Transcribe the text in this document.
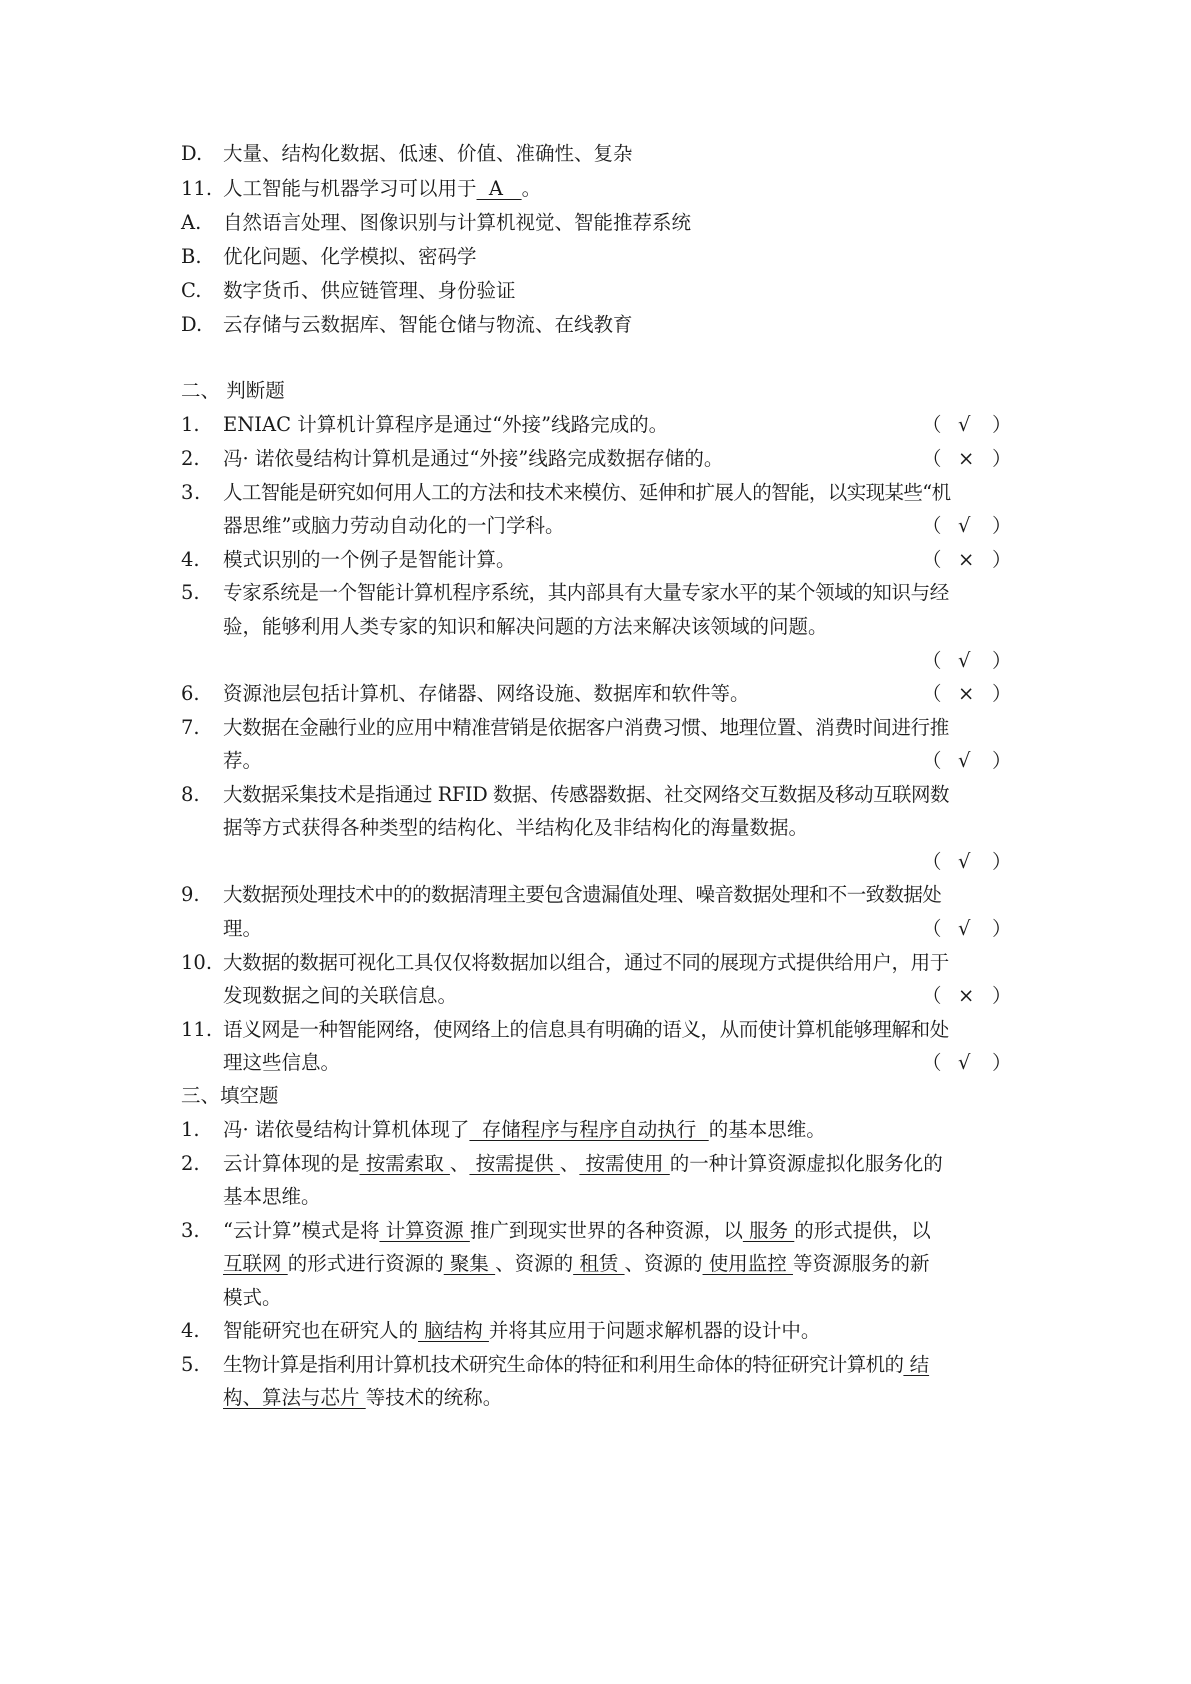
D. 大量、结构化数据、低速、价值、准确性、复杂
11. 人工智能与机器学习可以用于  A   。
A. 自然语言处理、图像识别与计算机视觉、智能推荐系统
B. 优化问题、化学模拟、密码学
C. 数字货币、供应链管理、身份验证
D. 云存储与云数据库、智能仓储与物流、在线教育
二、 判断题
1. ENIAC 计算机计算程序是通过“外接”线路完成的。	（ √ ）
2. 冯· 诺依曼结构计算机是通过“外接”线路完成数据存储的。	（ × ）
3. 人工智能是研究如何用人工的方法和技术来模仿、延伸和扩展人的智能，以实现某些“机
器思维”或脑力劳动自动化的一门学科。	（ √ ）
4. 模式识别的一个例子是智能计算。	（ × ）
5. 专家系统是一个智能计算机程序系统，其内部具有大量专家水平的某个领域的知识与经
验，能够利用人类专家的知识和解决问题的方法来解决该领域的问题。
（ √ ）
6. 资源池层包括计算机、存储器、网络设施、数据库和软件等。	（ × ）
7. 大数据在金融行业的应用中精准营销是依据客户消费习惯、地理位置、消费时间进行推
荐。	（ √ ）
8. 大数据采集技术是指通过 RFID 数据、传感器数据、社交网络交互数据及移动互联网数
据等方式获得各种类型的结构化、半结构化及非结构化的海量数据。
（ √ ）
9. 大数据预处理技术中的的数据清理主要包含遗漏值处理、噪音数据处理和不一致数据处
理。	（ √ ）
10. 大数据的数据可视化工具仅仅将数据加以组合，通过不同的展现方式提供给用户，用于
发现数据之间的关联信息。	（ × ）
11. 语义网是一种智能网络，使网络上的信息具有明确的语义，从而使计算机能够理解和处
理这些信息。	（ √ ）
三、填空题
1. 冯· 诺依曼结构计算机体现了  存储程序与程序自动执行  的基本思维。
2. 云计算体现的是 按需索取 、 按需提供 、 按需使用 的一种计算资源虚拟化服务化的
基本思维。
3. “云计算”模式是将 计算资源 推广到现实世界的各种资源，以 服务 的形式提供，以
互联网 的形式进行资源的 聚集 、资源的 租赁 、资源的 使用监控 等资源服务的新
模式。
4. 智能研究也在研究人的 脑结构 并将其应用于问题求解机器的设计中。
5. 生物计算是指利用计算机技术研究生命体的特征和利用生命体的特征研究计算机的 结
构、算法与芯片 等技术的统称。
